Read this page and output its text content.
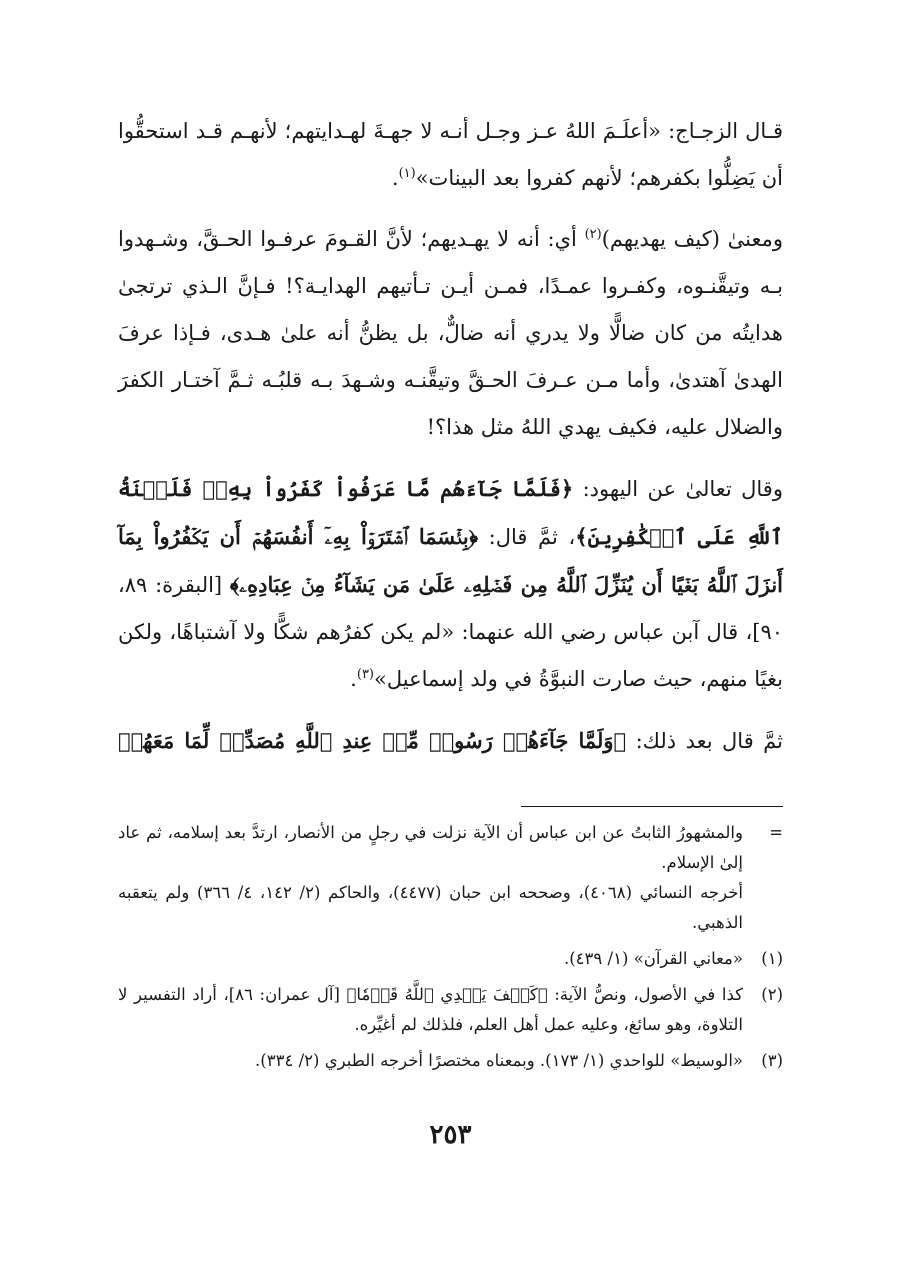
قـال الزجـاج: «أعلَـمَ اللهُ عـز وجـل أنـه لا جهـةَ لهـدايتهم؛ لأنهـم قـد استحقُّوا أن يَضِلُّوا بكفرهم؛ لأنهم كفروا بعد البينات»$^{(١)}$.

ومعنىٰ (كيف يهديهم)$^{(٢)}$ أي: أنه لا يهـديهم؛ لأنَّ القـومَ عرفـوا الحـقَّ، وشـهدوا بـه وتيقَّنـوه، وكفـروا عمـدًا، فمـن أيـن تـأتيهم الهدايـة؟! فـإنَّ الـذي ترتجىٰ هدايتُه من كان ضالًّا ولا يدري أنه ضالٌّ، بل يظنُّ أنه علىٰ هـدى، فـإذا عرفَ الهدىٰ آهتدىٰ، وأما مـن عـرفَ الحـقَّ وتيقَّنـه وشـهدَ بـه قلبُـه ثـمَّ آختـار الكفرَ والضلال عليه، فكيف يهدي اللهُ مثل هذا؟!

وقال تعالىٰ عن اليهود: ﴿فَلَمَّا جَآءَهُم مَّا عَرَفُواْ كَفَرُواْ بِهِۦۚ فَلَعۡنَةُ ٱللَّهِ عَلَى ٱلۡكَٰفِرِينَ﴾، ثمَّ قال: ﴿بِئۡسَمَا ٱشۡتَرَوۡاْ بِهِۦٓ أَنفُسَهُمۡ أَن يَكۡفُرُواْ بِمَآ أَنزَلَ ٱللَّهُ بَغۡيًا أَن يُنَزِّلَ ٱللَّهُ مِن فَضۡلِهِۦ عَلَىٰ مَن يَشَآءُ مِنۡ عِبَادِهِۦ﴾ [البقرة: ٨٩، ٩٠]، قال آبن عباس رضي الله عنهما: «لم يكن كفرُهم شكًّا ولا آشتباهًا، ولكن بغيًا منهم، حيث صارت النبوَّةُ في ولد إسماعيل»$^{(٣)}$.

ثمَّ قال بعد ذلك: ﴿وَلَمَّا جَآءَهُمۡ رَسُولٞ مِّنۡ عِندِ ٱللَّهِ مُصَدِّقٞ لِّمَا مَعَهُمۡ

=

والمشهورُ الثابتُ عن ابن عباس أن الآية نزلت في رجلٍ من الأنصار، ارتدَّ بعد إسلامه، ثم عاد إلىٰ الإسلام.

أخرجه النسائي (٤٠٦٨)، وصححه ابن حبان (٤٤٧٧)، والحاكم (٢/ ١٤٢، ٤/ ٣٦٦) ولم يتعقبه الذهبي.

(١)

«معاني القرآن» (١/ ٤٣٩).

(٢)

كذا في الأصول، ونصُّ الآية: ﴿كَيۡفَ يَهۡدِي ٱللَّهُ قَوۡمٗا﴾ [آل عمران: ٨٦]، أراد التفسير لا التلاوة، وهو سائغ، وعليه عمل أهل العلم، فلذلك لم أغيِّره.

(٣)

«الوسيط» للواحدي (١/ ١٧٣). وبمعناه مختصرًا أخرجه الطبري (٢/ ٣٣٤).

٢٥٣
